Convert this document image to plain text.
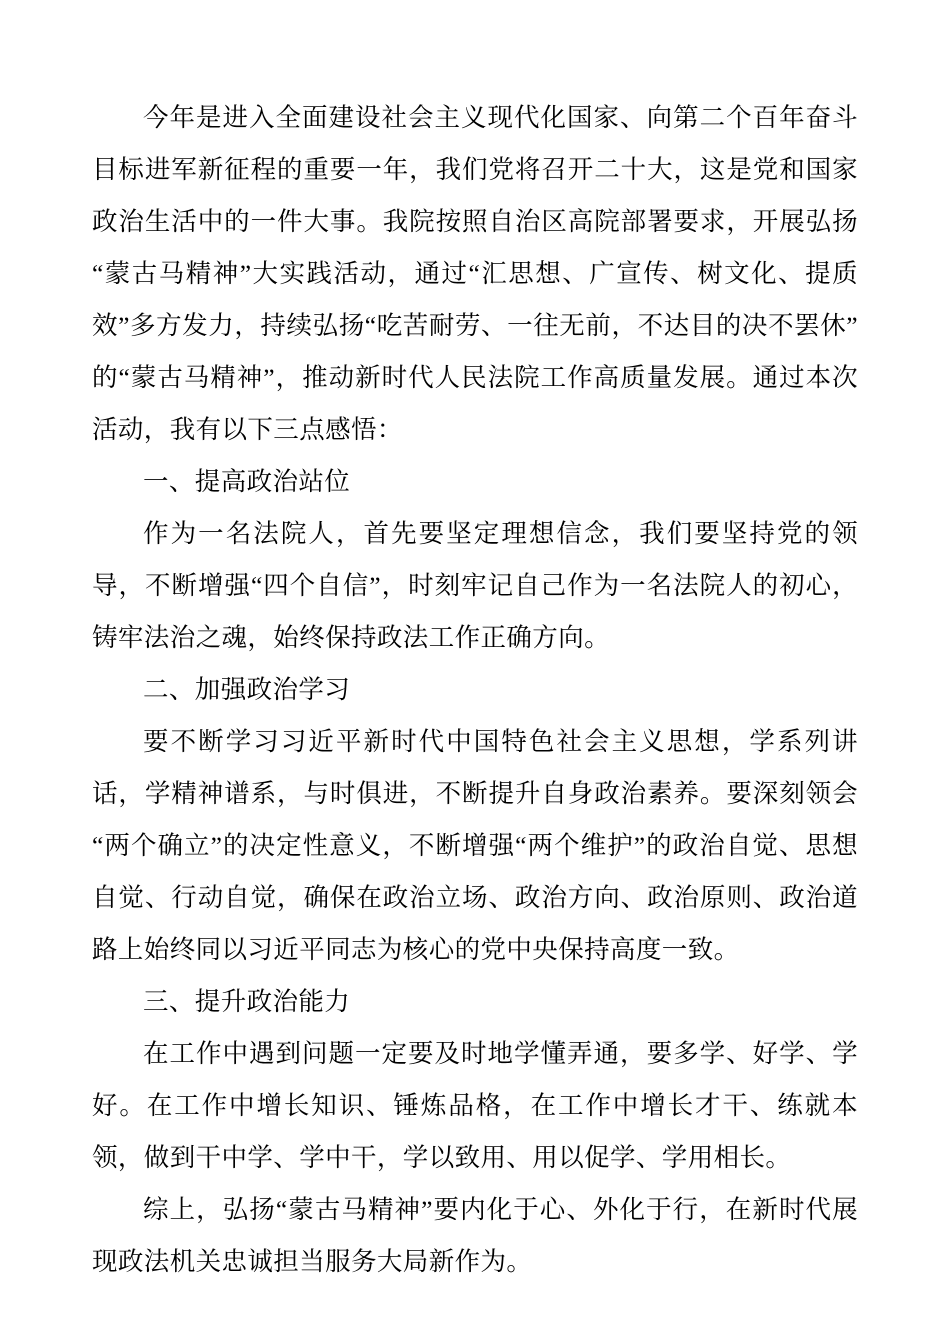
今年是进入全面建设社会主义现代化国家、向第二个百年奋斗目标进军新征程的重要一年，我们党将召开二十大，这是党和国家政治生活中的一件大事。我院按照自治区高院部署要求，开展弘扬“蒙古马精神”大实践活动，通过“汇思想、广宣传、树文化、提质效”多方发力，持续弘扬“吃苦耐劳、一往无前，不达目的决不罢休”的“蒙古马精神”，推动新时代人民法院工作高质量发展。通过本次活动，我有以下三点感悟：

一、提高政治站位

作为一名法院人，首先要坚定理想信念，我们要坚持党的领导，不断增强“四个自信”，时刻牢记自己作为一名法院人的初心，铸牢法治之魂，始终保持政法工作正确方向。

二、加强政治学习

要不断学习习近平新时代中国特色社会主义思想，学系列讲话，学精神谱系，与时俱进，不断提升自身政治素养。要深刻领会“两个确立”的决定性意义，不断增强“两个维护”的政治自觉、思想自觉、行动自觉，确保在政治立场、政治方向、政治原则、政治道路上始终同以习近平同志为核心的党中央保持高度一致。

三、提升政治能力

在工作中遇到问题一定要及时地学懂弄通，要多学、好学、学好。在工作中增长知识、锤炼品格，在工作中增长才干、练就本领，做到干中学、学中干，学以致用、用以促学、学用相长。

综上，弘扬“蒙古马精神”要内化于心、外化于行，在新时代展现政法机关忠诚担当服务大局新作为。
